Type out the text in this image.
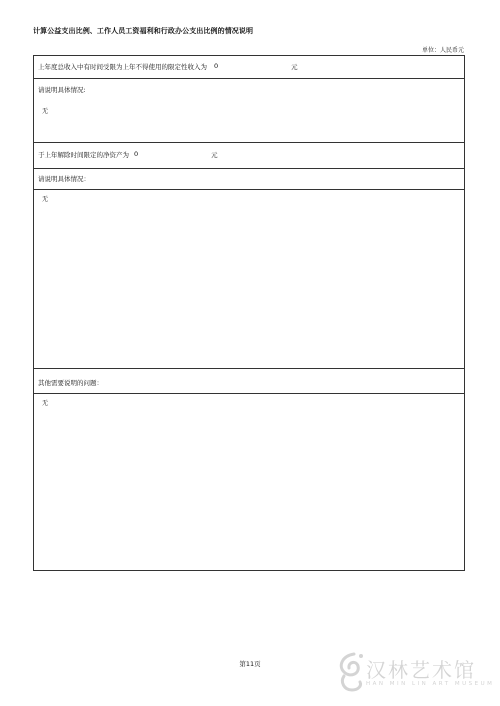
计算公益支出比例、工作人员工资福利和行政办公支出比例的情况说明
单位：人民币元
上年度总收入中有时间受限为上年不得使用的限定性收入为 0	元
请说明具体情况:
无
于上年解除时间限定的净资产为 0	元
请说明具体情况：
无
其他需要说明的问题：
无
第11页	汉林艺术馆
HAN MIN LIN ART MUSEUM
